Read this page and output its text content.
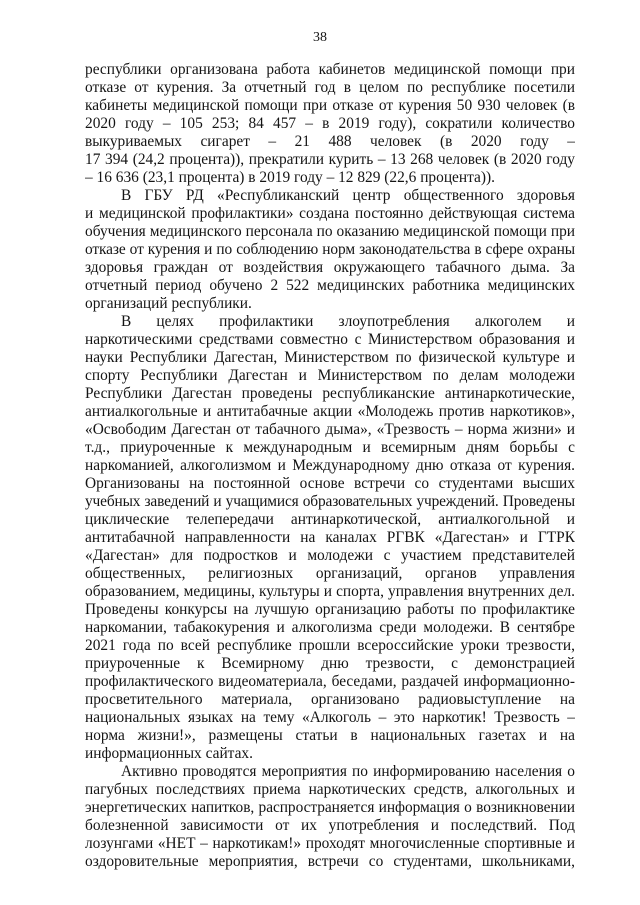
38
республики организована работа кабинетов медицинской помощи при
отказе от курения. За отчетный год в целом по республике посетили
кабинеты медицинской помощи при отказе от курения 50 930 человек (в
2020 году – 105 253; 84 457 – в 2019 году), сократили количество
выкуриваемых сигарет – 21 488 человек (в 2020 году –
17 394 (24,2 процента)), прекратили курить – 13 268 человек (в 2020 году
– 16 636 (23,1 процента) в 2019 году – 12 829 (22,6 процента)).
В ГБУ РД «Республиканский центр общественного здоровья
и медицинской профилактики» создана постоянно действующая система
обучения медицинского персонала по оказанию медицинской помощи при
отказе от курения и по соблюдению норм законодательства в сфере охраны
здоровья граждан от воздействия окружающего табачного дыма. За
отчетный период обучено 2 522 медицинских работника медицинских
организаций республики.
В целях профилактики злоупотребления алкоголем и
наркотическими средствами совместно с Министерством образования и
науки Республики Дагестан, Министерством по физической культуре и
спорту Республики Дагестан и Министерством по делам молодежи
Республики Дагестан проведены республиканские антинаркотические,
антиалкогольные и антитабачные акции «Молодежь против наркотиков»,
«Освободим Дагестан от табачного дыма», «Трезвость – норма жизни» и
т.д., приуроченные к международным и всемирным дням борьбы с
наркоманией, алкоголизмом и Международному дню отказа от курения.
Организованы на постоянной основе встречи со студентами высших
учебных заведений и учащимися образовательных учреждений. Проведены
циклические телепередачи антинаркотической, антиалкогольной и
антитабачной направленности на каналах РГВК «Дагестан» и ГТРК
«Дагестан» для подростков и молодежи с участием представителей
общественных, религиозных организаций, органов управления
образованием, медицины, культуры и спорта, управления внутренних дел.
Проведены конкурсы на лучшую организацию работы по профилактике
наркомании, табакокурения и алкоголизма среди молодежи. В сентябре
2021 года по всей республике прошли всероссийские уроки трезвости,
приуроченные к Всемирному дню трезвости, с демонстрацией
профилактического видеоматериала, беседами, раздачей информационно-
просветительного материала, организовано радиовыступление на
национальных языках на тему «Алкоголь – это наркотик! Трезвость –
норма жизни!», размещены статьи в национальных газетах и на
информационных сайтах.
Активно проводятся мероприятия по информированию населения о
пагубных последствиях приема наркотических средств, алкогольных и
энергетических напитков, распространяется информация о возникновении
болезненной зависимости от их употребления и последствий. Под
лозунгами «НЕТ – наркотикам!» проходят многочисленные спортивные и
оздоровительные мероприятия, встречи со студентами, школьниками,
